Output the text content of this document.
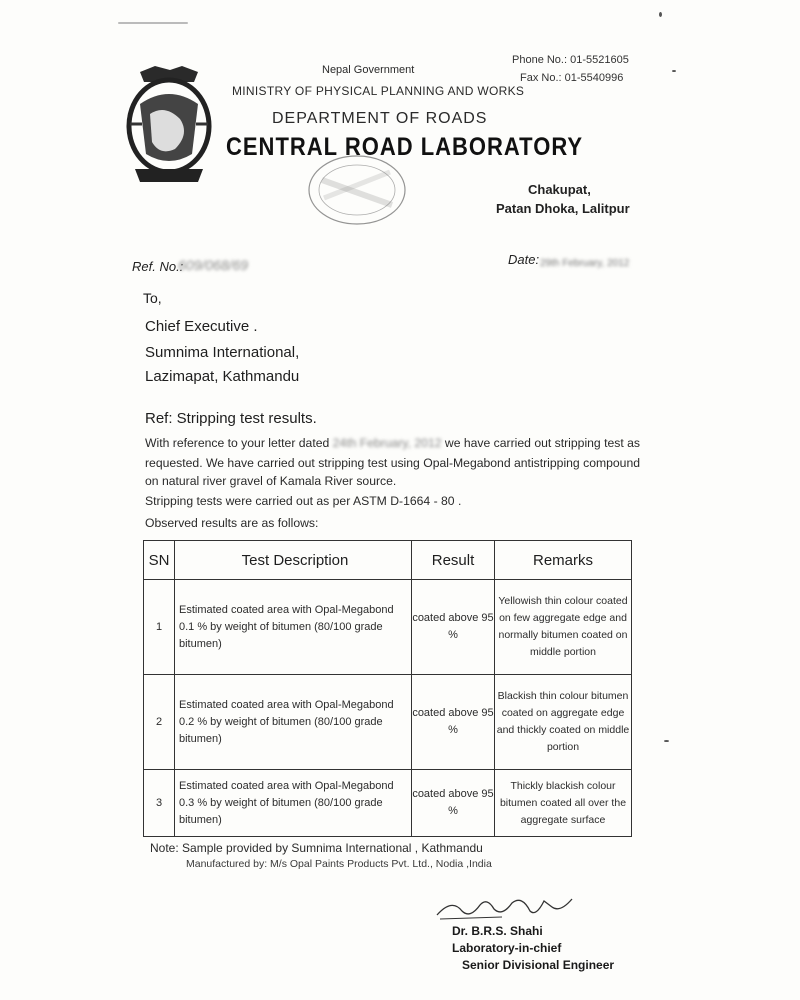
Nepal Government
MINISTRY OF PHYSICAL PLANNING AND WORKS
DEPARTMENT OF ROADS
CENTRAL ROAD LABORATORY
Phone No.: 01-5521605
Fax No.: 01-5540996
Chakupat,
Patan Dhoka, Lalitpur
Ref. No.:
609/068/69	Date: 29th February, 2012
To,
Chief Executive .
Sumnima International,
Lazimapat, Kathmandu
Ref: Stripping test results.
With reference to your letter dated 24th February, 2012 we have carried out stripping test as
requested. We have carried out stripping test using Opal-Megabond antistripping compound
on natural river gravel of Kamala River source.
Stripping tests were carried out as per ASTM D-1664 - 80 .
Observed results are as follows:
SN	Test Description	Result	Remarks
1	Estimated coated area with Opal-Megabond 0.1 % by weight of bitumen (80/100 grade bitumen)	coated above 95 %	Yellowish thin colour coated on few aggregate edge and normally bitumen coated on middle portion
2	Estimated coated area with Opal-Megabond 0.2 % by weight of bitumen (80/100 grade bitumen)	coated above 95 %	Blackish thin colour bitumen coated on aggregate edge and thickly coated on middle portion
3	Estimated coated area with Opal-Megabond 0.3 % by weight of bitumen (80/100 grade bitumen)	coated above 95 %	Thickly blackish colour bitumen coated all over the aggregate surface
Note: Sample provided by Sumnima International , Kathmandu
Manufactured by: M/s Opal Paints Products Pvt. Ltd., Nodia ,India
Dr. B.R.S. Shahi
Laboratory-in-chief
Senior Divisional Engineer
